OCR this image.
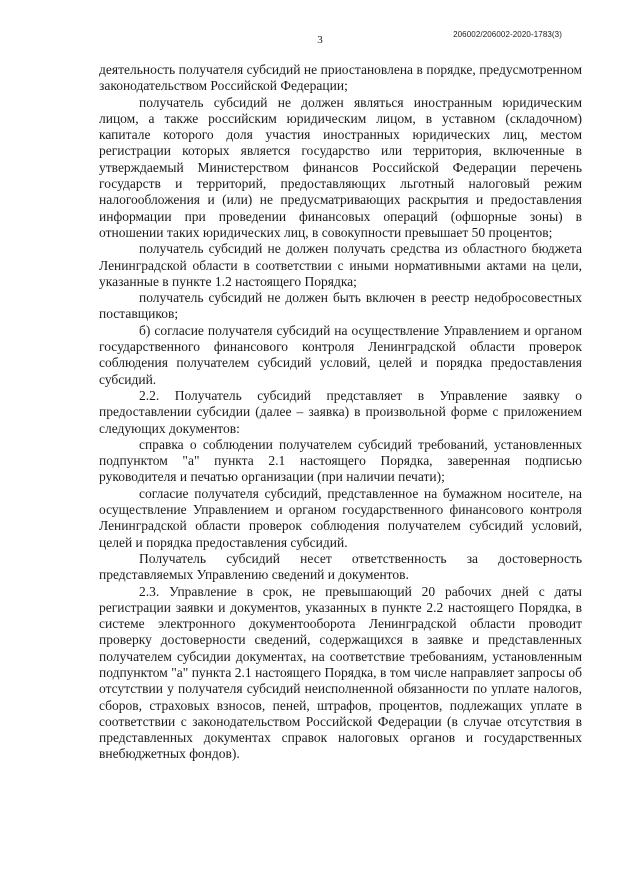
3	206002/206002-2020-1783(3)

деятельность получателя субсидий не приостановлена в порядке, предусмотренном законодательством Российской Федерации;

получатель субсидий не должен являться иностранным юридическим лицом, а также российским юридическим лицом, в уставном (складочном) капитале которого доля участия иностранных юридических лиц, местом регистрации которых является государство или территория, включенные в утверждаемый Министерством финансов Российской Федерации перечень государств и территорий, предоставляющих льготный налоговый режим налогообложения и (или) не предусматривающих раскрытия и предоставления информации при проведении финансовых операций (офшорные зоны) в отношении таких юридических лиц, в совокупности превышает 50 процентов;

получатель субсидий не должен получать средства из областного бюджета Ленинградской области в соответствии с иными нормативными актами на цели, указанные в пункте 1.2 настоящего Порядка;

получатель субсидий не должен быть включен в реестр недобросовестных поставщиков;

б) согласие получателя субсидий на осуществление Управлением и органом государственного финансового контроля Ленинградской области проверок соблюдения получателем субсидий условий, целей и порядка предоставления субсидий.

2.2. Получатель субсидий представляет в Управление заявку о предоставлении субсидии (далее – заявка) в произвольной форме с приложением следующих документов:

справка о соблюдении получателем субсидий требований, установленных подпунктом "а" пункта 2.1 настоящего Порядка, заверенная подписью руководителя и печатью организации (при наличии печати);

согласие получателя субсидий, представленное на бумажном носителе, на осуществление Управлением и органом государственного финансового контроля Ленинградской области проверок соблюдения получателем субсидий условий, целей и порядка предоставления субсидий.

Получатель субсидий несет ответственность за достоверность представляемых Управлению сведений и документов.

2.3. Управление в срок, не превышающий 20 рабочих дней с даты регистрации заявки и документов, указанных в пункте 2.2 настоящего Порядка, в системе электронного документооборота Ленинградской области проводит проверку достоверности сведений, содержащихся в заявке и представленных получателем субсидии документах, на соответствие требованиям, установленным подпунктом "а" пункта 2.1 настоящего Порядка, в том числе направляет запросы об отсутствии у получателя субсидий неисполненной обязанности по уплате налогов, сборов, страховых взносов, пеней, штрафов, процентов, подлежащих уплате в соответствии с законодательством Российской Федерации (в случае отсутствия в представленных документах справок налоговых органов и государственных внебюджетных фондов).
